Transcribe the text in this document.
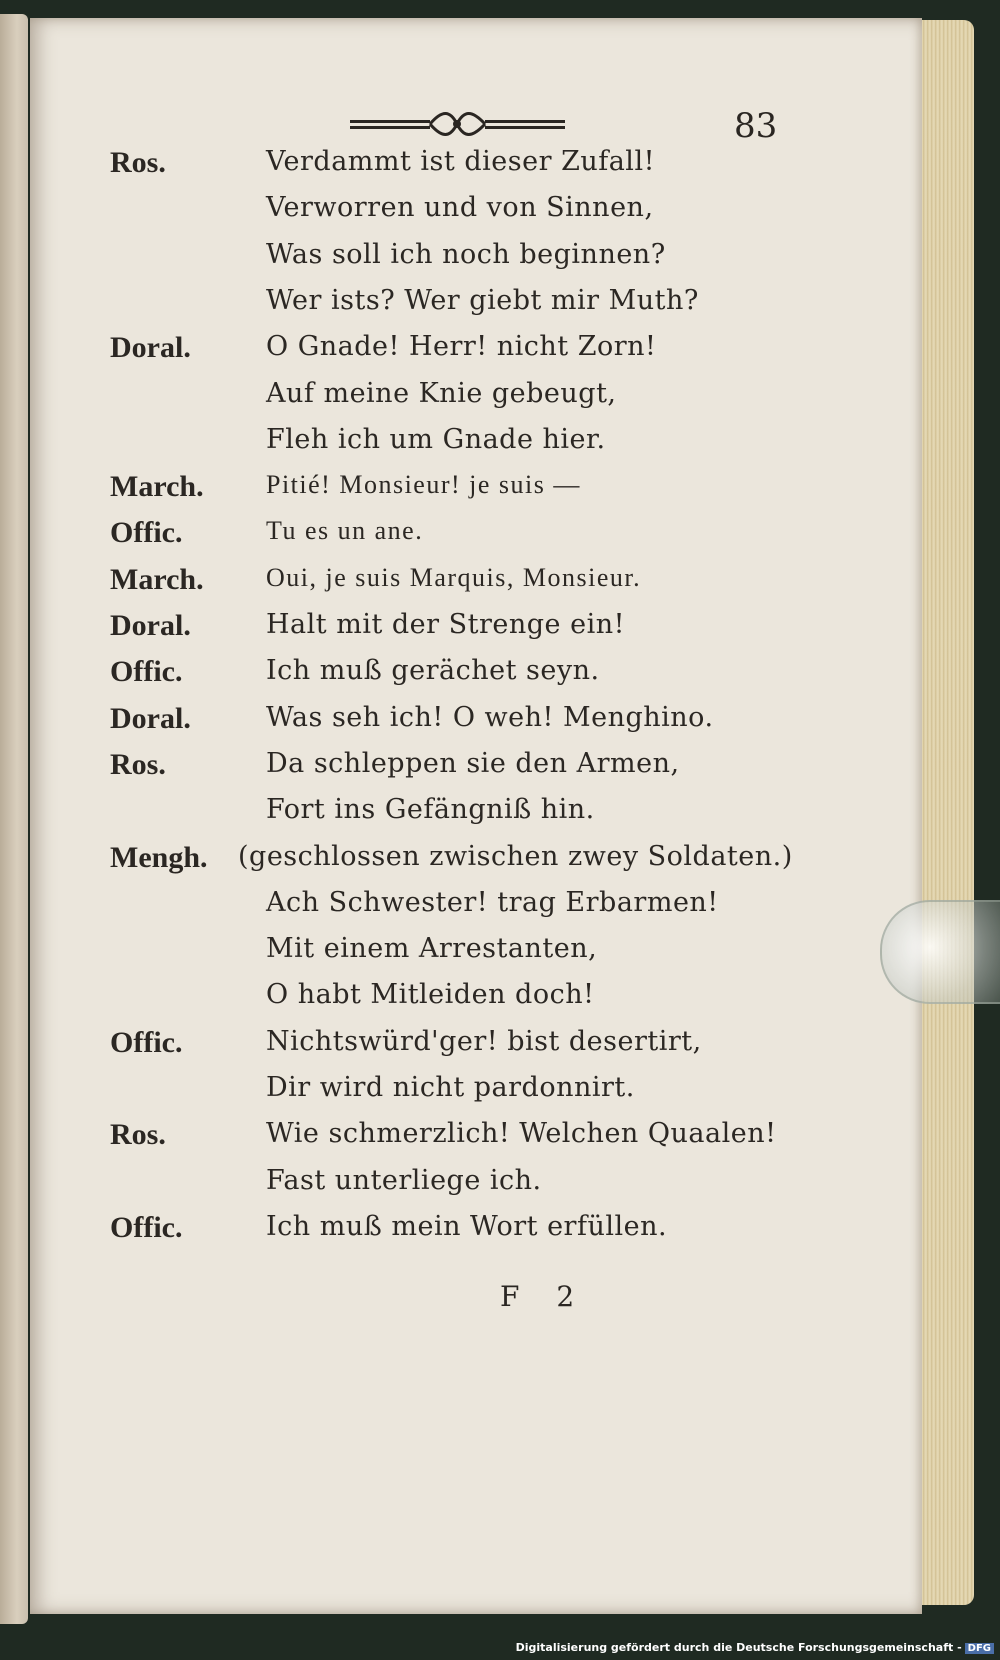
83
Ros.	Verdammt ist dieser Zufall!
Verworren und von Sinnen,
Was soll ich noch beginnen?
Wer ists? Wer giebt mir Muth?
Doral.	O Gnade! Herr! nicht Zorn!
Auf meine Knie gebeugt,
Fleh ich um Gnade hier.
March. Pitié! Monsieur! je suis —
Offic.	Tu es un ane.
March. Oui, je suis Marquis, Monsieur.
Doral.	Halt mit der Strenge ein!
Offic.	Ich muß gerächet seyn.
Doral.	Was seh ich! O weh! Menghino.
Ros.	Da schleppen sie den Armen,
Fort ins Gefängniß hin.
Mengh. (geschlossen zwischen zwey Soldaten.)
Ach Schwester! trag Erbarmen!
Mit einem Arrestanten,
O habt Mitleiden doch!
Offic.	Nichtswürd'ger! bist desertirt,
Dir wird nicht pardonnirt.
Ros.	Wie schmerzlich! Welchen Quaalen!
Fast unterliege ich.
Offic.	Ich muß mein Wort erfüllen.
F 2
Digitalisierung gefördert durch die Deutsche Forschungsgemeinschaft - DFG
